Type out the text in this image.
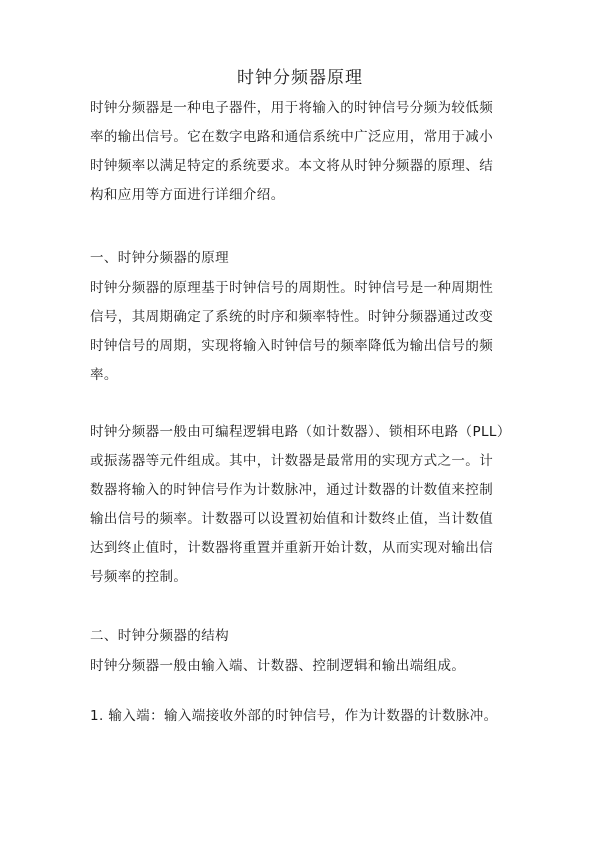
时钟分频器原理

时钟分频器是一种电子器件，用于将输入的时钟信号分频为较低频
率的输出信号。它在数字电路和通信系统中广泛应用，常用于减小
时钟频率以满足特定的系统要求。本文将从时钟分频器的原理、结
构和应用等方面进行详细介绍。

一、时钟分频器的原理

时钟分频器的原理基于时钟信号的周期性。时钟信号是一种周期性
信号，其周期确定了系统的时序和频率特性。时钟分频器通过改变
时钟信号的周期，实现将输入时钟信号的频率降低为输出信号的频
率。

时钟分频器一般由可编程逻辑电路（如计数器）、锁相环电路（PLL）
或振荡器等元件组成。其中，计数器是最常用的实现方式之一。计
数器将输入的时钟信号作为计数脉冲，通过计数器的计数值来控制
输出信号的频率。计数器可以设置初始值和计数终止值，当计数值
达到终止值时，计数器将重置并重新开始计数，从而实现对输出信
号频率的控制。

二、时钟分频器的结构

时钟分频器一般由输入端、计数器、控制逻辑和输出端组成。

1. 输入端：输入端接收外部的时钟信号，作为计数器的计数脉冲。
